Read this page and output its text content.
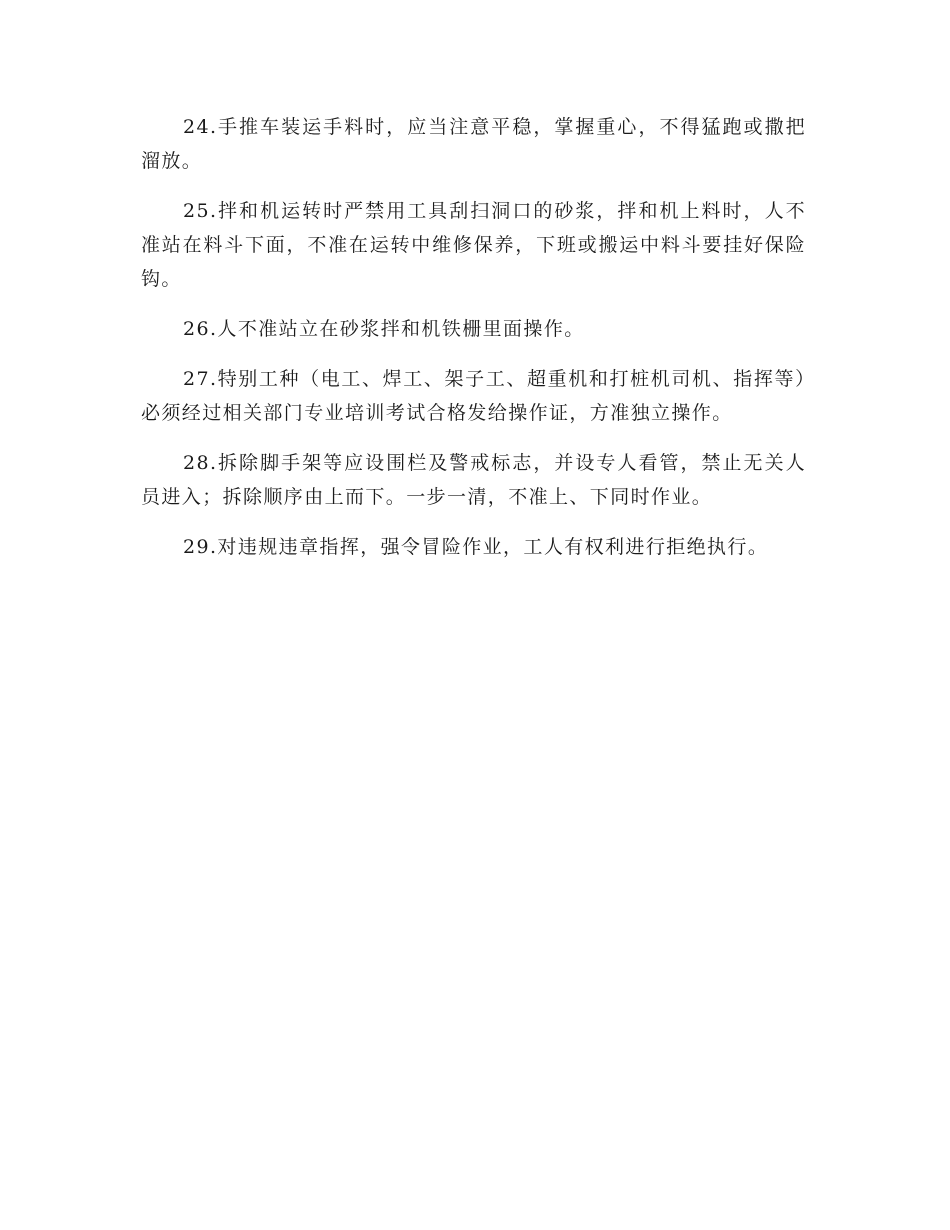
24.手推车装运手料时，应当注意平稳，掌握重心，不得猛跑或撒把溜放。

25.拌和机运转时严禁用工具刮扫洞口的砂浆，拌和机上料时，人不准站在料斗下面，不准在运转中维修保养，下班或搬运中料斗要挂好保险钩。

26.人不准站立在砂浆拌和机铁栅里面操作。

27.特别工种（电工、焊工、架子工、超重机和打桩机司机、指挥等）必须经过相关部门专业培训考试合格发给操作证，方准独立操作。

28.拆除脚手架等应设围栏及警戒标志，并设专人看管，禁止无关人员进入；拆除顺序由上而下。一步一清，不准上、下同时作业。

29.对违规违章指挥，强令冒险作业，工人有权利进行拒绝执行。
